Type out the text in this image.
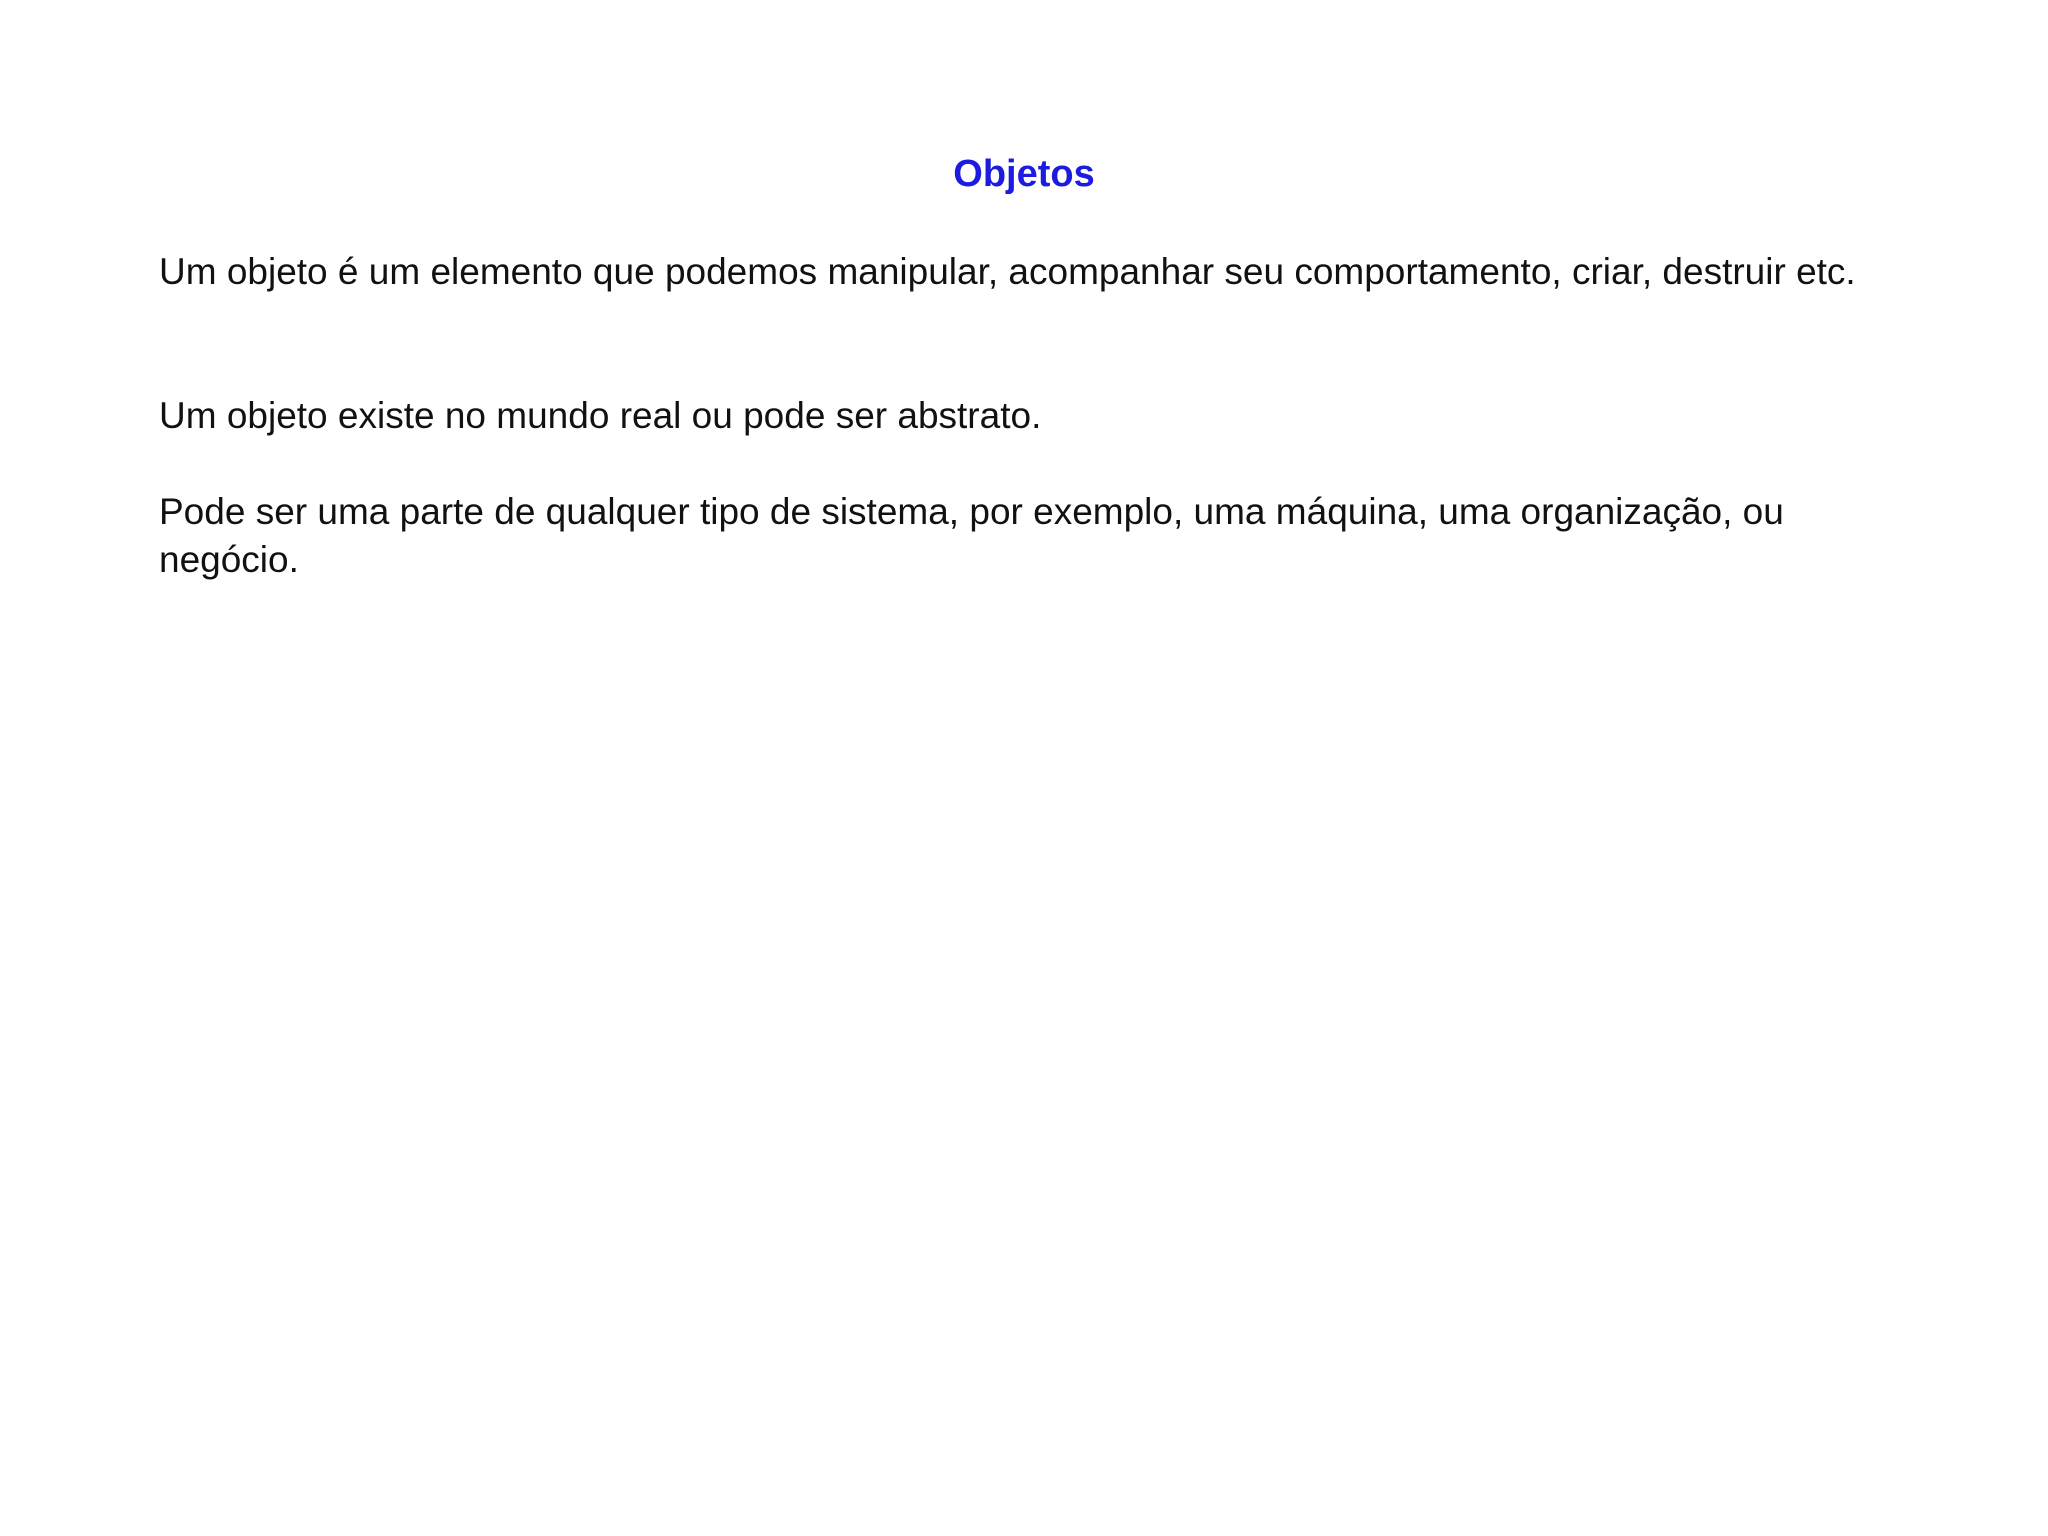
Objetos

Um objeto é um elemento que podemos manipular, acompanhar seu comportamento, criar, destruir etc.

Um objeto existe no mundo real ou pode ser abstrato.

Pode ser uma parte de qualquer tipo de sistema, por exemplo, uma máquina, uma organização, ou negócio.
